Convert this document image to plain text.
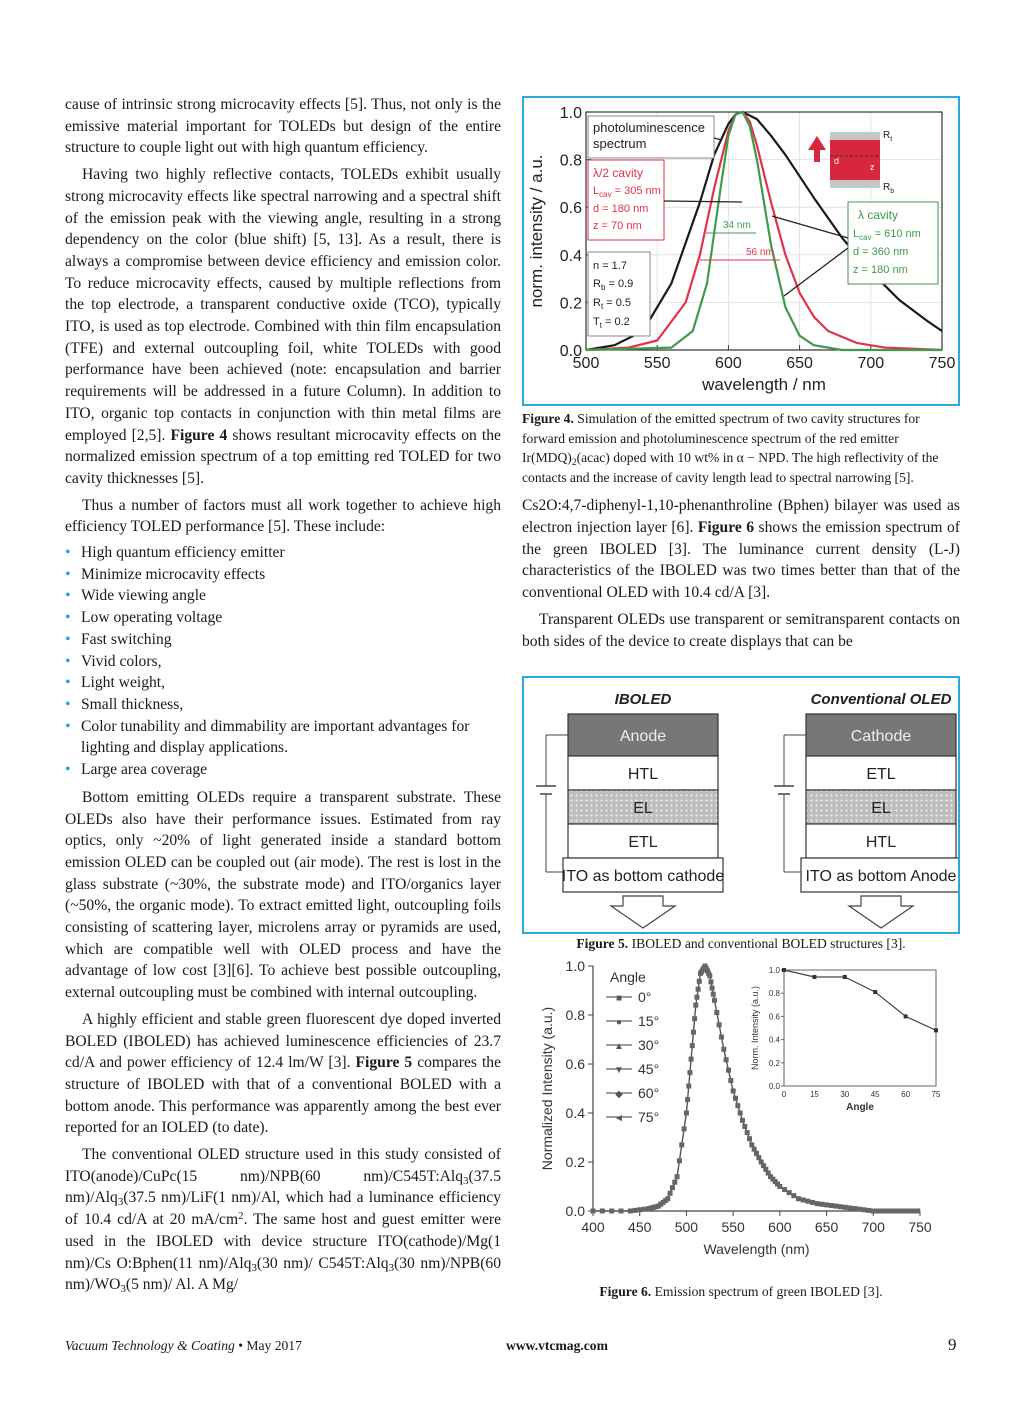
cause of intrinsic strong microcavity effects [5]. Thus, not only is the emissive material important for TOLEDs but design of the entire structure to couple light out with high quantum efficiency.

Having two highly reflective contacts, TOLEDs exhibit usually strong microcavity effects like spectral narrowing and a spectral shift of the emission peak with the viewing angle, resulting in a strong dependency on the color (blue shift) [5, 13]. As a result, there is always a compromise between device efficiency and emission color. To reduce microcavity effects, caused by multiple reflections from the top electrode, a transparent conductive oxide (TCO), typically ITO, is used as top electrode. Combined with thin film encapsulation (TFE) and external outcoupling foil, white TOLEDs with good performance have been achieved (note: encapsulation and barrier requirements will be addressed in a future Column). In addition to ITO, organic top contacts in conjunction with thin metal films are employed [2,5]. Figure 4 shows resultant microcavity effects on the normalized emission spectrum of a top emitting red TOLED for two cavity thicknesses [5].

Thus a number of factors must all work together to achieve high efficiency TOLED performance [5]. These include:

• High quantum efficiency emitter
• Minimize microcavity effects
• Wide viewing angle
• Low operating voltage
• Fast switching
• Vivid colors,
• Light weight,
• Small thickness,
• Color tunability and dimmability are important advantages for lighting and display applications.
• Large area coverage

Bottom emitting OLEDs require a transparent substrate. These OLEDs also have their performance issues. Estimated from ray optics, only ~20% of light generated inside a standard bottom emission OLED can be coupled out (air mode). The rest is lost in the glass substrate (~30%, the substrate mode) and ITO/organics layer (~50%, the organic mode). To extract emitted light, outcoupling foils consisting of scattering layer, microlens array or pyramids are used, which are compatible well with OLED process and have the advantage of low cost [3][6]. To achieve best possible outcoupling, external outcoupling must be combined with internal outcoupling.

A highly efficient and stable green fluorescent dye doped inverted BOLED (IBOLED) has achieved luminescence efficiencies of 23.7 cd/A and power efficiency of 12.4 lm/W [3]. Figure 5 compares the structure of IBOLED with that of a conventional BOLED with a bottom anode. This performance was apparently among the best ever reported for an IOLED (to date).

The conventional OLED structure used in this study consisted of ITO(anode)/CuPc(15 nm)/NPB(60 nm)/C545T:Alq$_3$(37.5 nm)/Alq$_3$(37.5 nm)/LiF(1 nm)/Al, which had a luminance efficiency of 10.4 cd/A at 20 $mA/cm^2$. The same host and guest emitter were used in the IBOLED with device structure ITO(cathode)/Mg(1 nm)/Cs O:Bphen(11 nm)/Alq$_3$(30 nm)/ C545T:Alq$_3$(30 nm)/NPB(60 $nm)/WO_3(5$ nm)/ Al. A Mg/

500	550	600	650	700	750
0.0
0.2
0.4
0.6
0.8
1.0
wavelength / nm
norm. intensity / a.u.
photoluminescence
spectrum
λ/2 cavity
$L_{cav} = 305$ nm
d = 180 nm
z = 70 nm
λ cavity
$L_{cav} = 610$ nm
d = 360 nm
z = 180 nm
n = 1.7
$R_b = 0.9$
$R_t = 0.5$
$T_t = 0.2$
34 nm
56 nm
$R_t$
$R_b$
d
z
Figure 4. Simulation of the emitted spectrum of two cavity structures for forward emission and photoluminescence spectrum of the red emitter $Ir(MDQ)_2(acac)$ doped with 10 wt% in α − NPD. The high reflectivity of the contacts and the increase of cavity length lead to spectral narrowing [5].

Cs2O:4,7-diphenyl-1,10-phenanthroline (Bphen) bilayer was used as electron injection layer [6]. Figure 6 shows the emission spectrum of the green IBOLED [3]. The luminance current density (L-J) characteristics of the IBOLED was two times better than that of the conventional OLED with 10.4 cd/A [3].

Transparent OLEDs use transparent or semitransparent contacts on both sides of the device to create displays that can be

IBOLED
Anode
HTL
EL
ETL
ITO as bottom cathode
Conventional OLED
Cathode
ETL
EL
HTL
ITO as bottom Anode
Figure 5. IBOLED and conventional BOLED structures [3].
400 450 500 550 600 650 700 750
0.0
0.2
0.4
0.6
0.8
1.0
Wavelength (nm)
Normalized Intensity (a.u.)
Angle
■ 0°
● 15°
▲ 30°
▼ 45°
◆ 60°
◄ 75°
0	15	30	45	60	75
0.0
0.2
0.4
0.6
0.8
1.0
Angle
Norm. Intensity (a.u.)
Figure 6. Emission spectrum of green IBOLED [3].
Vacuum Technology & Coating • May 2017	www.vtcmag.com	9
